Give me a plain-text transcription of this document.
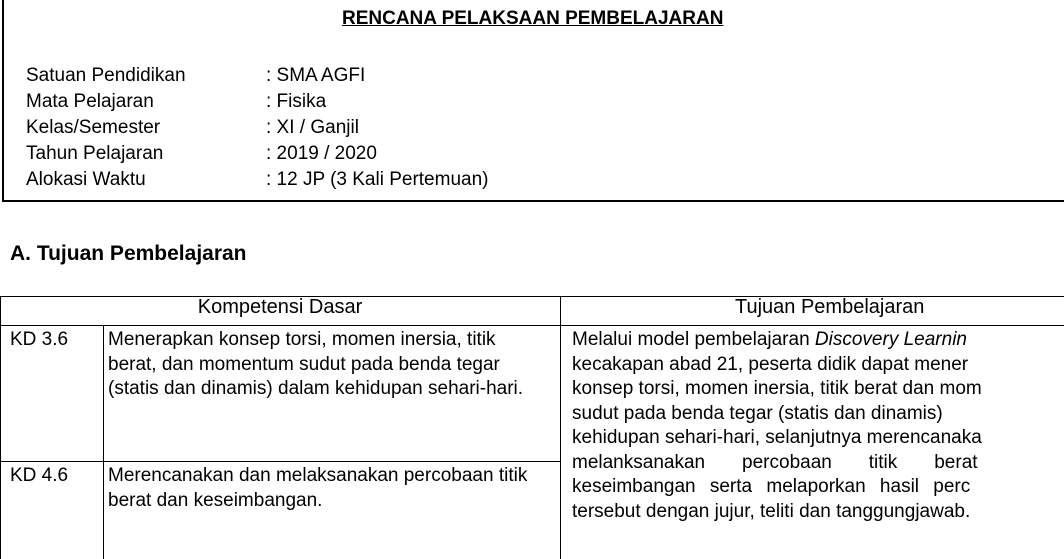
RENCANA PELAKSAAN PEMBELAJARAN
Satuan Pendidikan	: SMA AGFI
Mata Pelajaran	: Fisika
Kelas/Semester	: XI / Ganjil
Tahun Pelajaran	: 2019 / 2020
Alokasi Waktu	: 12 JP (3 Kali Pertemuan)
A. Tujuan Pembelajaran
Kompetensi Dasar	Tujuan Pembelajaran
KD 3.6 Menerapkan konsep torsi, momen inersia, titik berat, dan momentum sudut pada benda tegar (statis dan dinamis) dalam kehidupan sehari-hari.
KD 4.6 Merencanakan dan melaksanakan percobaan titik berat dan keseimbangan.
Melalui model pembelajaran Discovery Learnin
kecakapan abad 21, peserta didik dapat mener
konsep torsi, momen inersia, titik berat dan mom
sudut pada benda tegar (statis dan dinamis)
kehidupan sehari-hari, selanjutnya merencanaka
melanksanakan       percobaan       titik       berat
keseimbangan serta melaporkan hasil perc
tersebut dengan jujur, teliti dan tanggungjawab.
